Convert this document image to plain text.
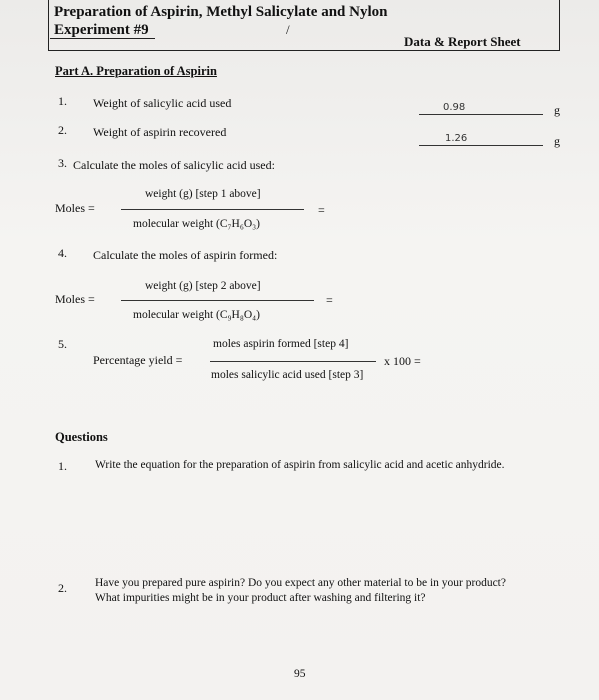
Preparation of Aspirin, Methyl Salicylate and Nylon
Experiment #9	/
Data & Report Sheet
Part A. Preparation of Aspirin
1. Weight of salicylic acid used	0.98	g
2. Weight of aspirin recovered	1.26	g
3. Calculate the moles of salicylic acid used:
weight (g) [step 1 above]
Moles =	=
molecular weight (C₇H₆O₃)
4. Calculate the moles of aspirin formed:
weight (g) [step 2 above]
Moles =	=
molecular weight (C₉H₈O₄)
5.	moles aspirin formed [step 4]
Percentage yield =	x 100 =
moles salicylic acid used [step 3]
Questions
1. Write the equation for the preparation of aspirin from salicylic acid and acetic anhydride.
2. Have you prepared pure aspirin? Do you expect any other material to be in your product?
What impurities might be in your product after washing and filtering it?
95
